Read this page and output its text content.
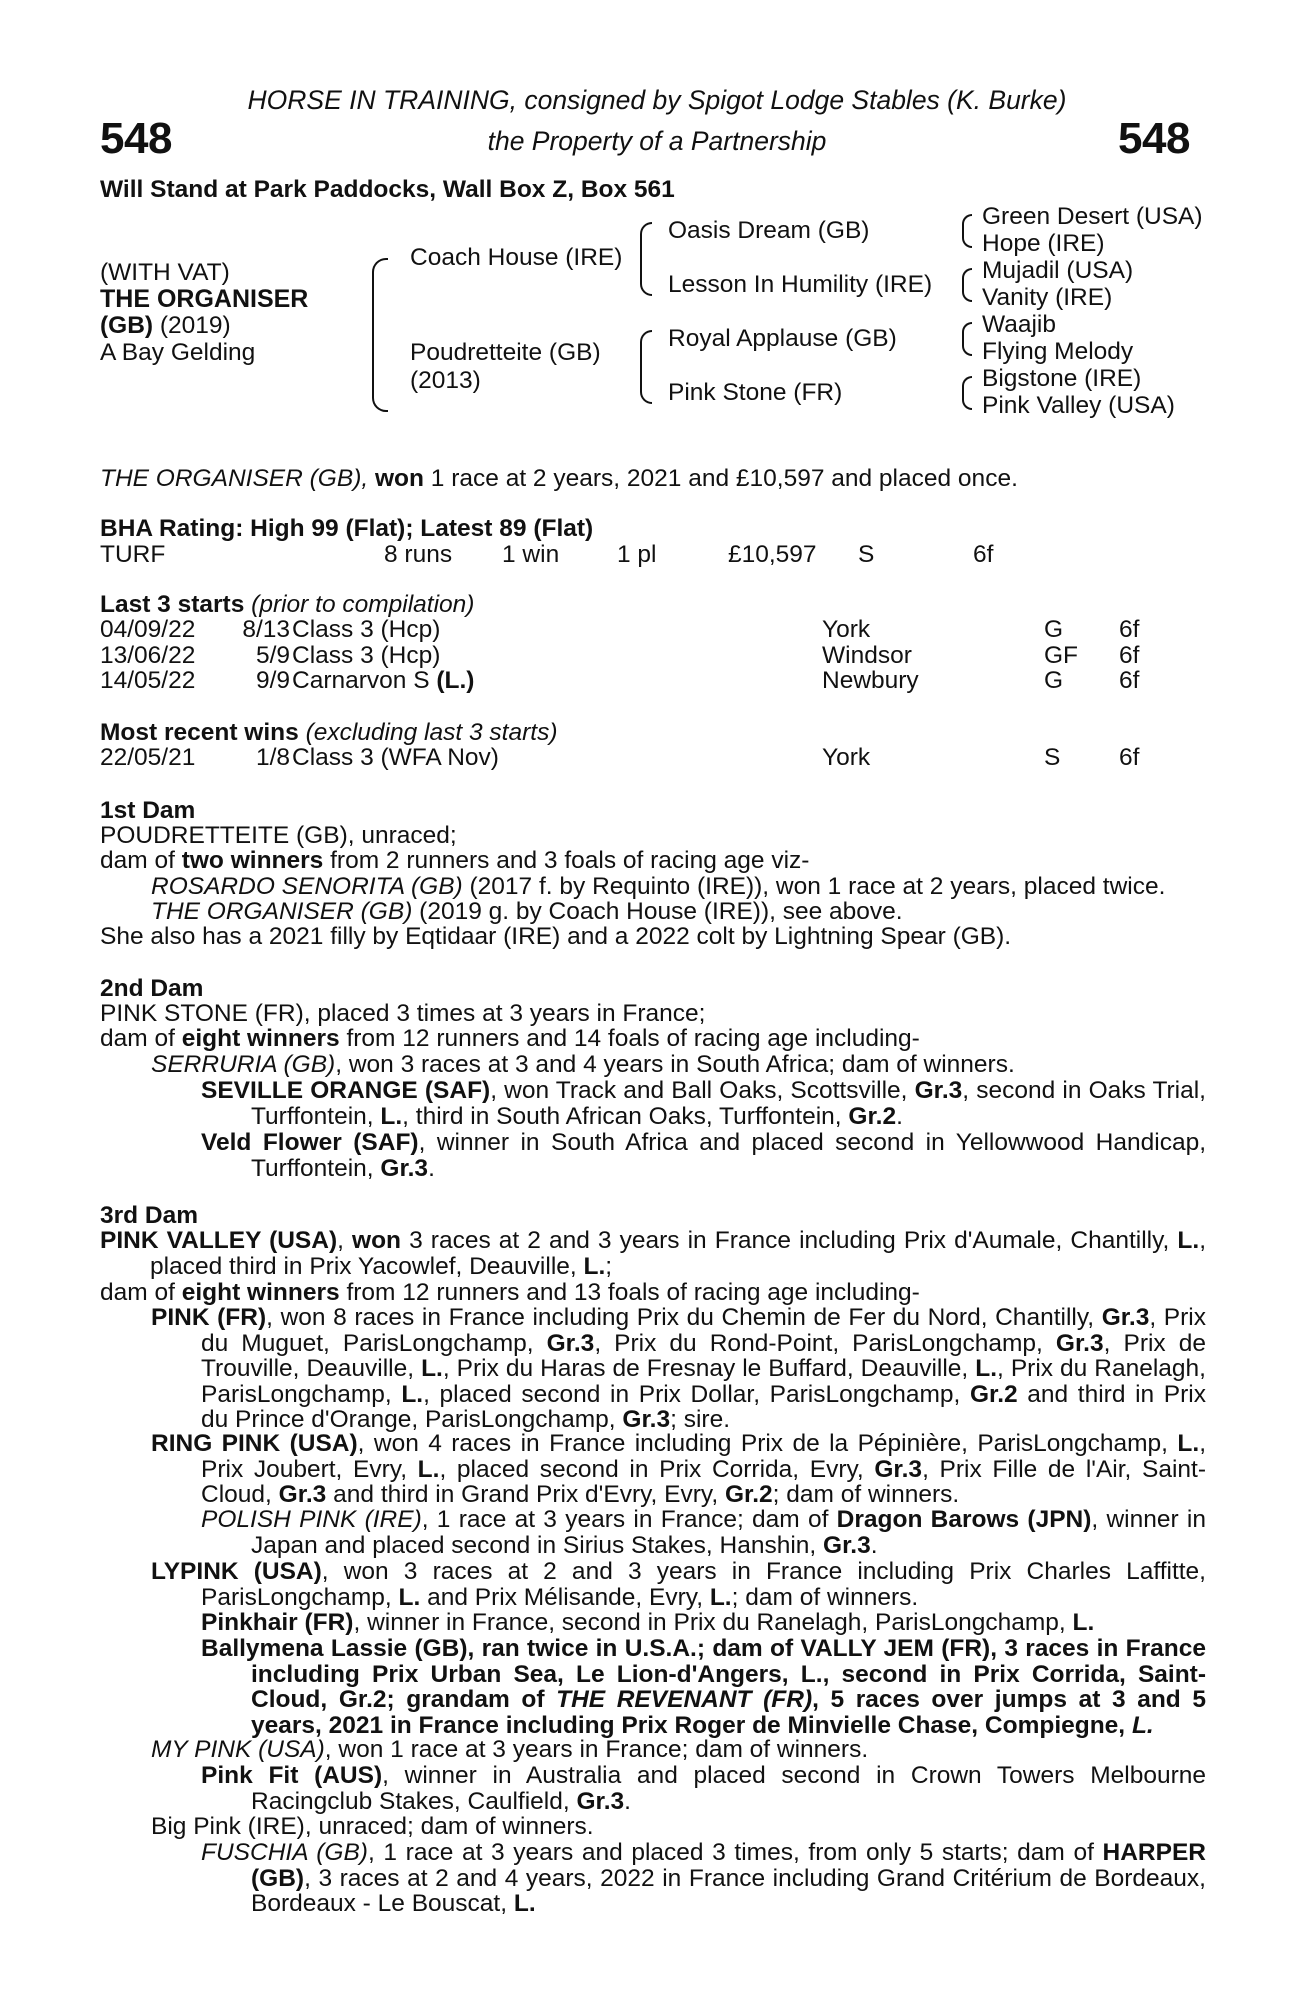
548	548
HORSE IN TRAINING, consigned by Spigot Lodge Stables (K. Burke)
the Property of a Partnership
Will Stand at Park Paddocks, Wall Box Z, Box 561
(WITH VAT)
THE ORGANISER
(GB) (2019)
A Bay Gelding
Coach House (IRE)
Poudretteite (GB)
(2013)
Oasis Dream (GB)
Lesson In Humility (IRE)
Royal Applause (GB)
Pink Stone (FR)
Green Desert (USA)
Hope (IRE)
Mujadil (USA)
Vanity (IRE)
Waajib
Flying Melody
Bigstone (IRE)
Pink Valley (USA)
THE ORGANISER (GB), won 1 race at 2 years, 2021 and £10,597 and placed once.
BHA Rating: High 99 (Flat); Latest 89 (Flat)
TURF	8 runs 1 win 1 pl	£10,597 S	6f
Last 3 starts (prior to compilation)
04/09/22 8/13 Class 3 (Hcp)	York	G 6f
13/06/22 5/9 Class 3 (Hcp)	Windsor	GF 6f
14/05/22 9/9 Carnarvon S (L.)	Newbury	G 6f
Most recent wins (excluding last 3 starts)
22/05/21 1/8 Class 3 (WFA Nov)	York	S 6f
1st Dam
POUDRETTEITE (GB), unraced;
dam of two winners from 2 runners and 3 foals of racing age viz-
ROSARDO SENORITA (GB) (2017 f. by Requinto (IRE)), won 1 race at 2 years, placed twice.
THE ORGANISER (GB) (2019 g. by Coach House (IRE)), see above.
She also has a 2021 filly by Eqtidaar (IRE) and a 2022 colt by Lightning Spear (GB).
2nd Dam
PINK STONE (FR), placed 3 times at 3 years in France;
dam of eight winners from 12 runners and 14 foals of racing age including-
SERRURIA (GB), won 3 races at 3 and 4 years in South Africa; dam of winners.

SEVILLE ORANGE (SAF), won Track and Ball Oaks, Scottsville, Gr.3, second in Oaks Trial, Turffontein, L., third in South African Oaks, Turffontein, Gr.2.

Veld Flower (SAF), winner in South Africa and placed second in Yellowwood Handicap, Turffontein, Gr.3.

3rd Dam

PINK VALLEY (USA), won 3 races at 2 and 3 years in France including Prix d'Aumale, Chantilly, L., placed third in Prix Yacowlef, Deauville, L.;

dam of eight winners from 12 runners and 13 foals of racing age including-

PINK (FR), won 8 races in France including Prix du Chemin de Fer du Nord, Chantilly, Gr.3, Prix du Muguet, ParisLongchamp, Gr.3, Prix du Rond-Point, ParisLongchamp, Gr.3, Prix de Trouville, Deauville, L., Prix du Haras de Fresnay le Buffard, Deauville, L., Prix du Ranelagh, ParisLongchamp, L., placed second in Prix Dollar, ParisLongchamp, Gr.2 and third in Prix du Prince d'Orange, ParisLongchamp, Gr.3; sire.

RING PINK (USA), won 4 races in France including Prix de la Pépinière, ParisLongchamp, L., Prix Joubert, Evry, L., placed second in Prix Corrida, Evry, Gr.3, Prix Fille de l'Air, Saint-Cloud, Gr.3 and third in Grand Prix d'Evry, Evry, Gr.2; dam of winners.

POLISH PINK (IRE), 1 race at 3 years in France; dam of Dragon Barows (JPN), winner in Japan and placed second in Sirius Stakes, Hanshin, Gr.3.

LYPINK (USA), won 3 races at 2 and 3 years in France including Prix Charles Laffitte, ParisLongchamp, L. and Prix Mélisande, Evry, L.; dam of winners.

Pinkhair (FR), winner in France, second in Prix du Ranelagh, ParisLongchamp, L.

Ballymena Lassie (GB), ran twice in U.S.A.; dam of VALLY JEM (FR), 3 races in France including Prix Urban Sea, Le Lion-d'Angers, L., second in Prix Corrida, Saint-Cloud, Gr.2; grandam of THE REVENANT (FR), 5 races over jumps at 3 and 5 years, 2021 in France including Prix Roger de Minvielle Chase, Compiegne, L.

MY PINK (USA), won 1 race at 3 years in France; dam of winners.

Pink Fit (AUS), winner in Australia and placed second in Crown Towers Melbourne Racingclub Stakes, Caulfield, Gr.3.

Big Pink (IRE), unraced; dam of winners.

FUSCHIA (GB), 1 race at 3 years and placed 3 times, from only 5 starts; dam of HARPER (GB), 3 races at 2 and 4 years, 2022 in France including Grand Critérium de Bordeaux, Bordeaux - Le Bouscat, L.
